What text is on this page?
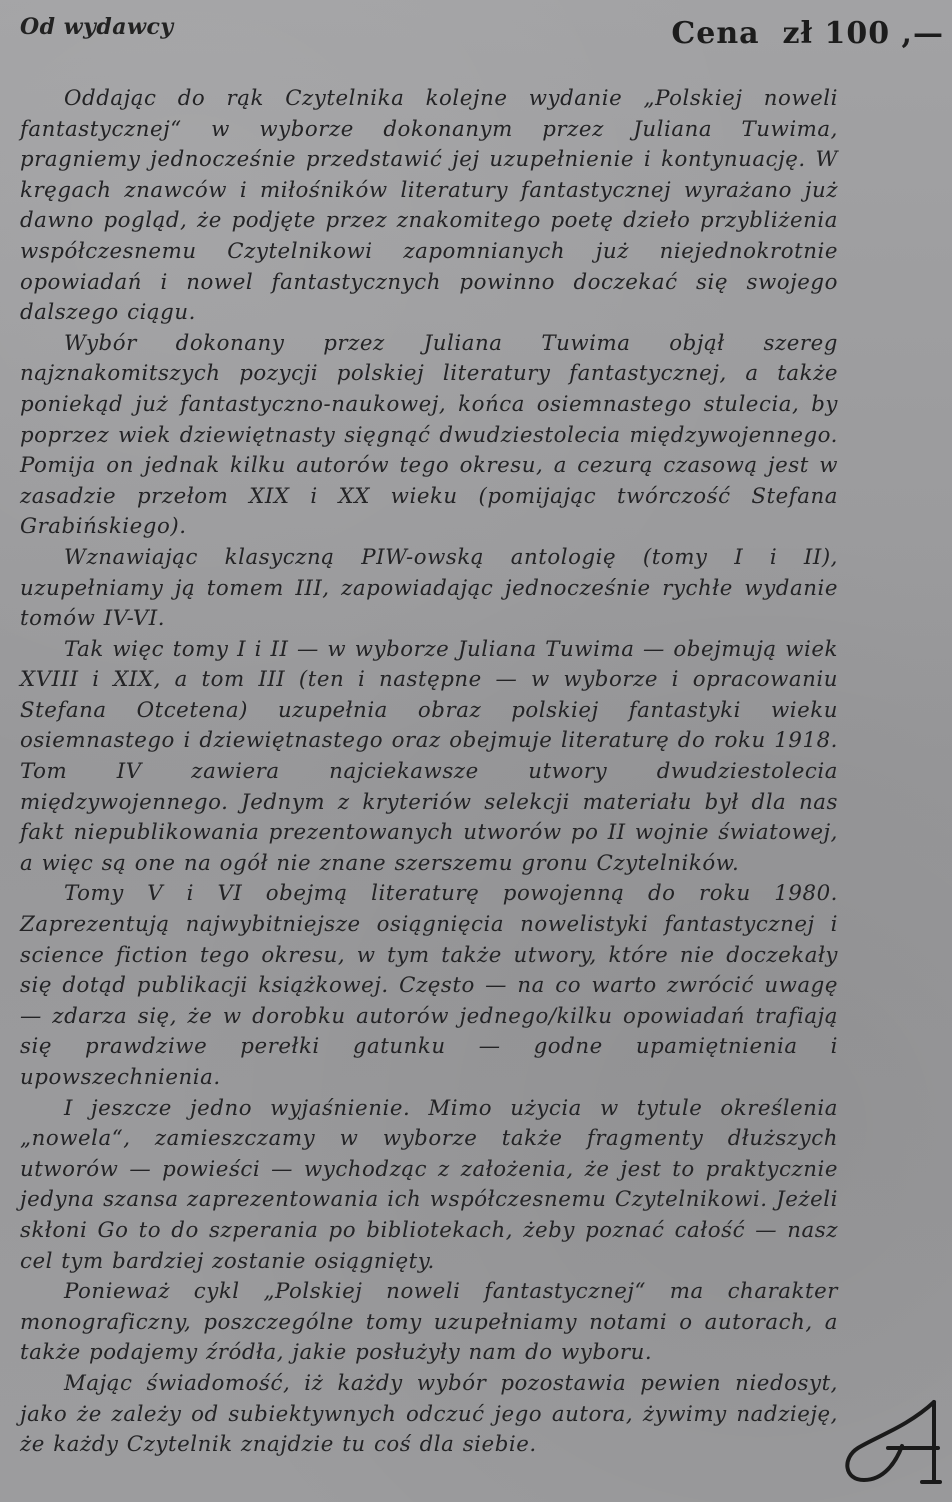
Od wydawcy	Cena  zł 100 ,—

Oddając do rąk Czytelnika kolejne wydanie „Polskiej noweli fantastycznej“ w wyborze dokonanym przez Juliana Tuwima, pragniemy jednocześnie przedstawić jej uzupełnienie i kontynuację. W kręgach znawców i miłośników literatury fantastycznej wyrażano już dawno pogląd, że podjęte przez znakomitego poetę dzieło przybliżenia współczesnemu Czytelnikowi zapomnianych już niejednokrotnie opowiadań i nowel fantastycznych powinno doczekać się swojego dalszego ciągu.

Wybór dokonany przez Juliana Tuwima objął szereg najznakomitszych pozycji polskiej literatury fantastycznej, a także poniekąd już fantastyczno-naukowej, końca osiemnastego stulecia, by poprzez wiek dziewiętnasty sięgnąć dwudziestolecia międzywojennego. Pomija on jednak kilku autorów tego okresu, a cezurą czasową jest w zasadzie przełom XIX i XX wieku (pomijając twórczość Stefana Grabińskiego).

Wznawiając klasyczną PIW-owską antologię (tomy I i II), uzupełniamy ją tomem III, zapowiadając jednocześnie rychłe wydanie tomów IV-VI.

Tak więc tomy I i II — w wyborze Juliana Tuwima — obejmują wiek XVIII i XIX, a tom III (ten i następne — w wyborze i opracowaniu Stefana Otcetena) uzupełnia obraz polskiej fantastyki wieku osiemnastego i dziewiętnastego oraz obejmuje literaturę do roku 1918. Tom IV zawiera najciekawsze utwory dwudziestolecia międzywojennego. Jednym z kryteriów selekcji materiału był dla nas fakt niepublikowania prezentowanych utworów po II wojnie światowej, a więc są one na ogół nie znane szerszemu gronu Czytelników.

Tomy V i VI obejmą literaturę powojenną do roku 1980. Zaprezentują najwybitniejsze osiągnięcia nowelistyki fantastycznej i science fiction tego okresu, w tym także utwory, które nie doczekały się dotąd publikacji książkowej. Często — na co warto zwrócić uwagę — zdarza się, że w dorobku autorów jednego/kilku opowiadań trafiają się prawdziwe perełki gatunku — godne upamiętnienia i upowszechnienia.

I jeszcze jedno wyjaśnienie. Mimo użycia w tytule określenia „nowela“, zamieszczamy w wyborze także fragmenty dłuższych utworów — powieści — wychodząc z założenia, że jest to praktycznie jedyna szansa zaprezentowania ich współczesnemu Czytelnikowi. Jeżeli skłoni Go to do szperania po bibliotekach, żeby poznać całość — nasz cel tym bardziej zostanie osiągnięty.

Ponieważ cykl „Polskiej noweli fantastycznej“ ma charakter monograficzny, poszczególne tomy uzupełniamy notami o autorach, a także podajemy źródła, jakie posłużyły nam do wyboru.

Mając świadomość, iż każdy wybór pozostawia pewien niedosyt, jako że zależy od subiektywnych odczuć jego autora, żywimy nadzieję, że każdy Czytelnik znajdzie tu coś dla siebie.
